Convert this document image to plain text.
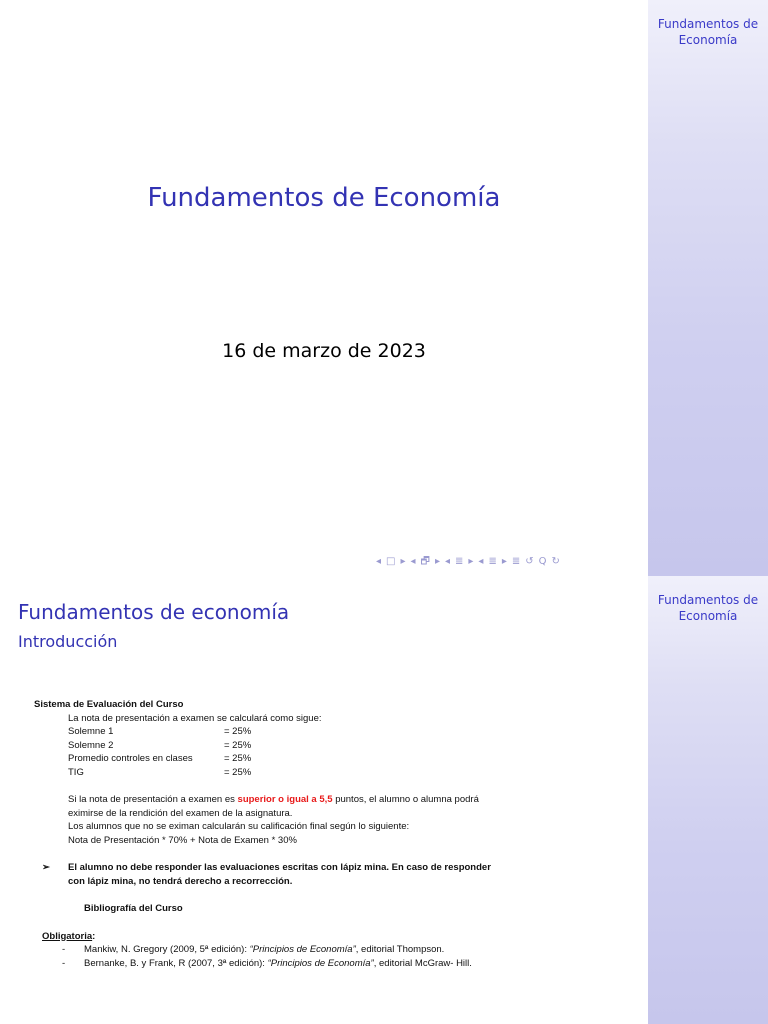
Fundamentos de
Economía
Fundamentos de Economía
16 de marzo de 2023
◂ □ ▸ ◂ 🗗 ▸ ◂ ≣ ▸ ◂ ≣ ▸ ≣ ↺ Q ↻
Fundamentos de
Economía
Fundamentos de economía
Introducción
Sistema de Evaluación del Curso
La nota de presentación a examen se calculará como sigue:
Solemne 1	= 25%
Solemne 2	= 25%
Promedio controles en clases	= 25%
TIG	= 25%
Si la nota de presentación a examen es superior o igual a 5,5 puntos, el alumno o alumna podrá
eximirse de la rendición del examen de la asignatura.
Los alumnos que no se eximan calcularán su calificación final según lo siguiente:
Nota de Presentación * 70% + Nota de Examen * 30%
➢	El alumno no debe responder las evaluaciones escritas con lápiz mina. En caso de responder
con lápiz mina, no tendrá derecho a recorrección.
Bibliografía del Curso
Obligatoria:
-	Mankiw, N. Gregory (2009, 5ª edición): “Principios de Economía”, editorial Thompson.
-	Bernanke, B. y Frank, R (2007, 3ª edición): “Principios de Economía”, editorial McGraw- Hill.
